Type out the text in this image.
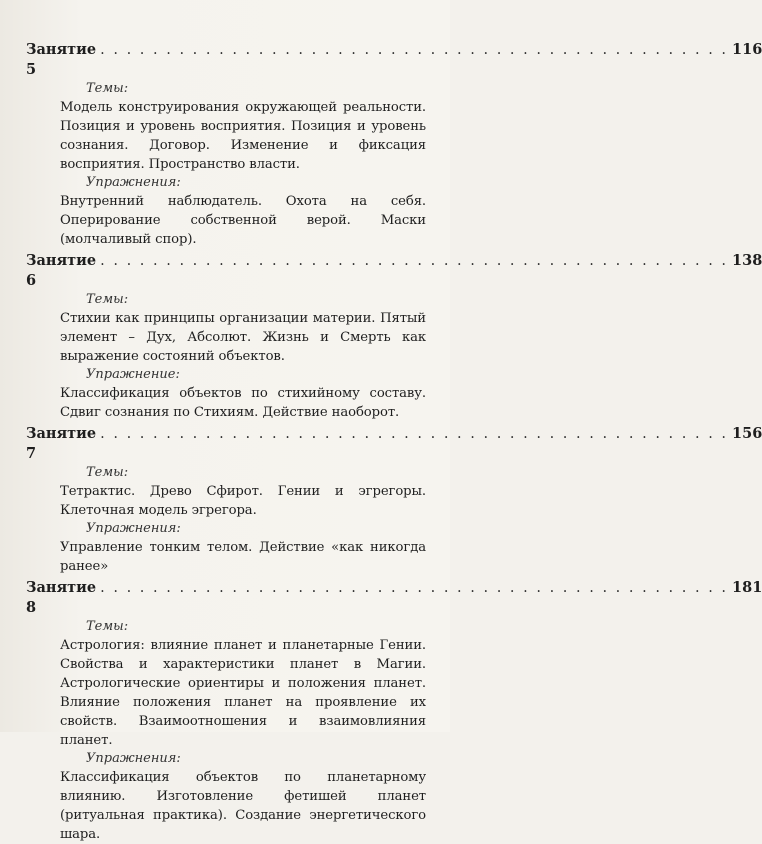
Занятие 5
. . . . . . . . . . . . . . . . . . . . . . . . . . . . . . . . . . . . . . . . . . . . . . . . 116
Темы:

Модель конструирования окружающей реальности. Позиция и уровень восприятия. Позиция и уровень сознания. Договор. Изменение и фиксация восприятия. Пространство власти.

Упражнения:

Внутренний наблюдатель. Охота на себя. Оперирование собственной верой. Маски (молчаливый спор).

Занятие 6
. . . . . . . . . . . . . . . . . . . . . . . . . . . . . . . . . . . . . . . . . . . . . . . . 138
Темы:

Стихии как принципы организации материи. Пятый элемент – Дух, Абсолют. Жизнь и Смерть как выражение состояний объектов.

Упражнение:

Классификация объектов по стихийному составу. Сдвиг сознания по Стихиям. Действие наоборот.

Занятие 7
. . . . . . . . . . . . . . . . . . . . . . . . . . . . . . . . . . . . . . . . . . . . . . . . 156
Темы:

Тетрактис. Древо Сфирот. Гении и эгрегоры. Клеточная модель эгрегора.

Упражнения:

Управление тонким телом. Действие «как никогда ранее»

Занятие 8
. . . . . . . . . . . . . . . . . . . . . . . . . . . . . . . . . . . . . . . . . . . . . . . . 181
Темы:

Астрология: влияние планет и планетарные Гении. Свойства и характеристики планет в Магии. Астрологические ориентиры и положения планет. Влияние положения планет на проявление их свойств. Взаимоотношения и взаимовлияния планет.

Упражнения:

Классификация объектов по планетарному влиянию. Изготовление фетишей планет (ритуальная практика). Создание энергетического шара.
